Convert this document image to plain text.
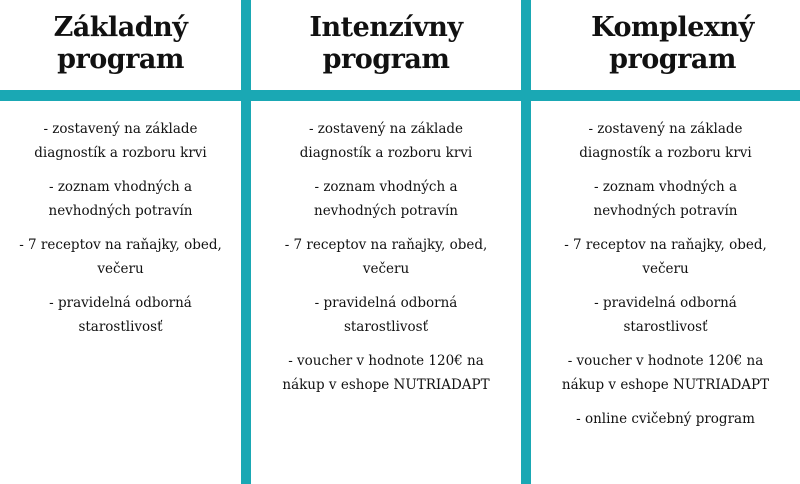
Základný
program
- zostavený na základe
diagnostík a rozboru krvi
- zoznam vhodných a
nevhodných potravín
- 7 receptov na raňajky, obed,
večeru
- pravidelná odborná
starostlivosť
Intenzívny
program
- zostavený na základe
diagnostík a rozboru krvi
- zoznam vhodných a
nevhodných potravín
- 7 receptov na raňajky, obed,
večeru
- pravidelná odborná
starostlivosť
- voucher v hodnote 120€ na
nákup v eshope NUTRIADAPT
Komplexný
program
- zostavený na základe
diagnostík a rozboru krvi
- zoznam vhodných a
nevhodných potravín
- 7 receptov na raňajky, obed,
večeru
- pravidelná odborná
starostlivosť
- voucher v hodnote 120€ na
nákup v eshope NUTRIADAPT
- online cvičebný program
